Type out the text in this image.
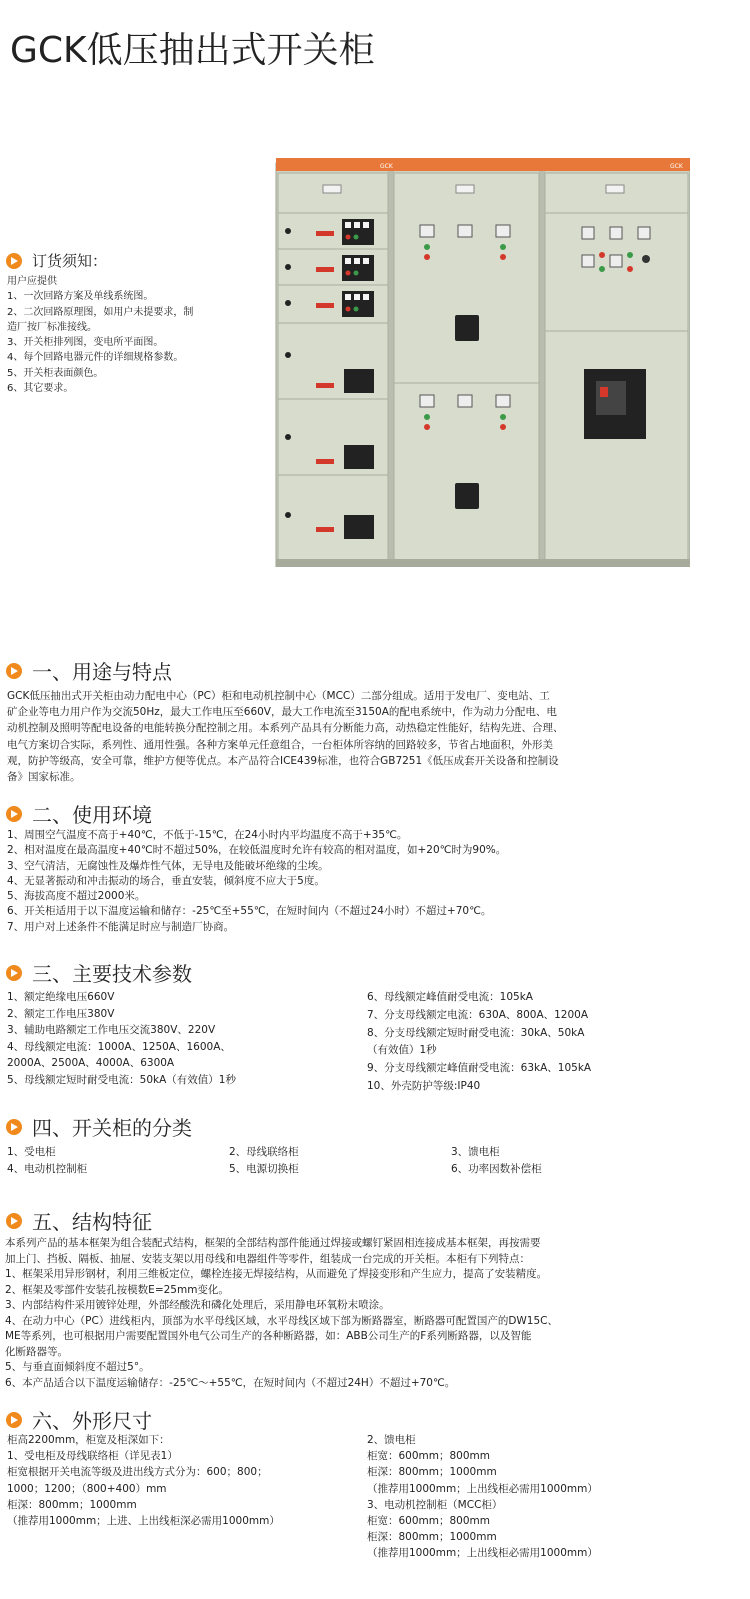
GCK低压抽出式开关柜
订货须知：
用户应提供
1、一次回路方案及单线系统图。
2、二次回路原理图，如用户未提要求，制
造厂按厂标准接线。
3、开关柜排列图，变电所平面图。
4、每个回路电器元件的详细规格参数。
5、开关柜表面颜色。
6、其它要求。
GCK	GCK
一、用途与特点
GCK低压抽出式开关柜由动力配电中心（PC）柜和电动机控制中心（MCC）二部分组成。适用于发电厂、变电站、工
矿企业等电力用户作为交流50Hz，最大工作电压至660V，最大工作电流至3150A的配电系统中，作为动力分配电、电
动机控制及照明等配电设备的电能转换分配控制之用。本系列产品具有分断能力高，动热稳定性能好，结构先进、合理、
电气方案切合实际，系列性、通用性强。各种方案单元任意组合，一台柜体所容纳的回路较多，节省占地面积，外形美
观，防护等级高，安全可靠，维护方便等优点。本产品符合ICE439标准，也符合GB7251《低压成套开关设备和控制设
备》国家标准。
二、使用环境
1、周围空气温度不高于+40℃，不低于-15℃，在24小时内平均温度不高于+35℃。
2、相对温度在最高温度+40℃时不超过50%，在较低温度时允许有较高的相对温度，如+20℃时为90%。
3、空气清洁，无腐蚀性及爆炸性气体，无导电及能破坏绝缘的尘埃。
4、无显著振动和冲击振动的场合，垂直安装，倾斜度不应大于5度。
5、海拔高度不超过2000米。
6、开关柜适用于以下温度运输和储存：-25℃至+55℃，在短时间内（不超过24小时）不超过+70℃。
7、用户对上述条件不能满足时应与制造厂协商。
三、主要技术参数
1、额定绝缘电压660V
2、额定工作电压380V
3、辅助电路额定工作电压交流380V、220V
4、母线额定电流：1000A、1250A、1600A、
2000A、2500A、4000A、6300A
5、母线额定短时耐受电流：50kA（有效值）1秒
6、母线额定峰值耐受电流：105kA
7、分支母线额定电流：630A、800A、1200A
8、分支母线额定短时耐受电流：30kA、50kA
（有效值）1秒
9、分支母线额定峰值耐受电流：63kA、105kA
10、外壳防护等级:IP40
四、开关柜的分类
1、受电柜	2、母线联络柜	3、馈电柜
4、电动机控制柜	5、电源切换柜	6、功率因数补偿柜
五、结构特征
本系列产品的基本框架为组合装配式结构，框架的全部结构部件能通过焊接或螺钉紧固相连接成基本框架，再按需要
加上门、挡板、隔板、抽屉、安装支架以用母线和电器组件等零件，组装成一台完成的开关柜。本柜有下列特点：
1、框架采用异形钢材，利用三维板定位，螺栓连接无焊接结构，从而避免了焊接变形和产生应力，提高了安装精度。
2、框架及零部件安装孔按模数E=25mm变化。
3、内部结构件采用镀锌处理，外部经酸洗和磷化处理后，采用静电环氧粉末喷涂。
4、在动力中心（PC）进线柜内，顶部为水平母线区域，水平母线区域下部为断路器室，断路器可配置国产的DW15C、
ME等系列，也可根据用户需要配置国外电气公司生产的各种断路器，如：ABB公司生产的F系列断路器，以及智能
化断路器等。
5、与垂直面倾斜度不超过5°。
6、本产品适合以下温度运输储存：-25℃～+55℃，在短时间内（不超过24H）不超过+70℃。
六、外形尺寸
柜高2200mm，柜宽及柜深如下：
1、受电柜及母线联络柜（详见表1）
柜宽根据开关电流等级及进出线方式分为：600；800；
1000；1200；（800+400）mm
柜深：800mm；1000mm
（推荐用1000mm；上进、上出线柜深必需用1000mm）
2、馈电柜
柜宽：600mm；800mm
柜深：800mm；1000mm
（推荐用1000mm；上出线柜必需用1000mm）
3、电动机控制柜（MCC柜）
柜宽：600mm；800mm
柜深：800mm；1000mm
（推荐用1000mm；上出线柜必需用1000mm）
